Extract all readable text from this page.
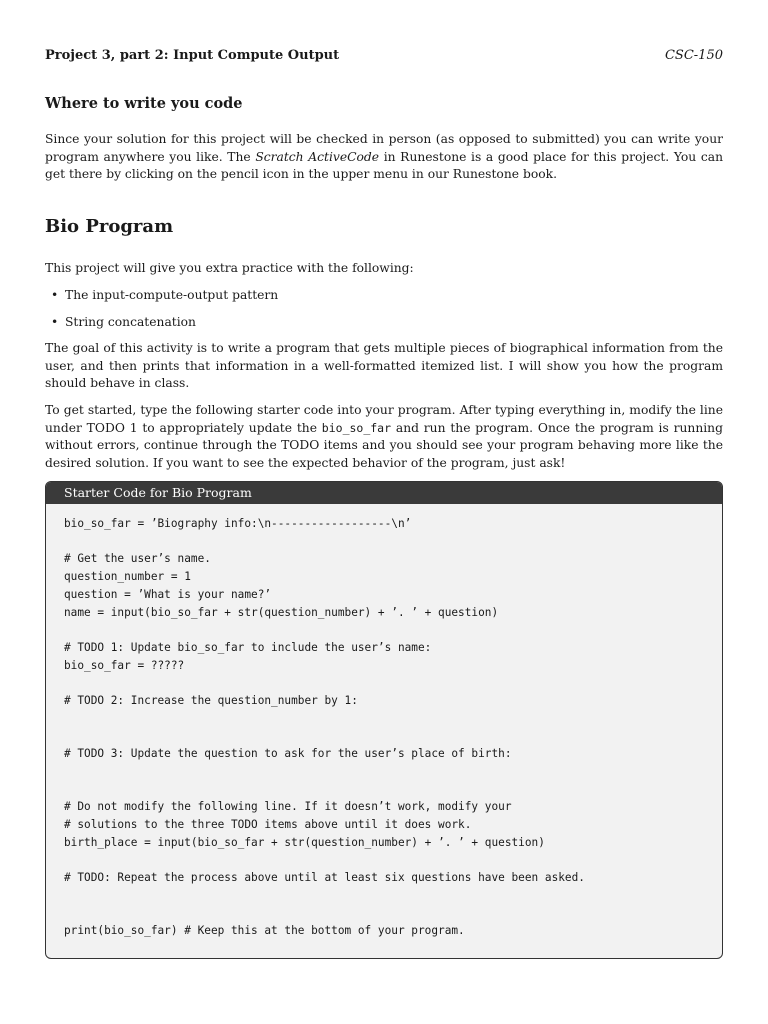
Project 3, part 2: Input Compute Output	CSC-150
Where to write you code
Since your solution for this project will be checked in person (as opposed to submitted) you can write your program anywhere you like. The Scratch ActiveCode in Runestone is a good place for this project. You can get there by clicking on the pencil icon in the upper menu in our Runestone book.
Bio Program
This project will give you extra practice with the following:
• The input-compute-output pattern
• String concatenation
The goal of this activity is to write a program that gets multiple pieces of biographical information from the user, and then prints that information in a well-formatted itemized list. I will show you how the program should behave in class.
To get started, type the following starter code into your program. After typing everything in, modify the line under TODO 1 to appropriately update the bio_so_far and run the program. Once the program is running without errors, continue through the TODO items and you should see your program behaving more like the desired solution. If you want to see the expected behavior of the program, just ask!
Starter Code for Bio Program
bio_so_far = ’Biography info:\n------------------\n’

# Get the user’s name.
question_number = 1
question = ’What is your name?’
name = input(bio_so_far + str(question_number) + ’. ’ + question)

# TODO 1: Update bio_so_far to include the user’s name:
bio_so_far = ?????

# TODO 2: Increase the question_number by 1:

# TODO 3: Update the question to ask for the user’s place of birth:

# Do not modify the following line. If it doesn’t work, modify your
# solutions to the three TODO items above until it does work.
birth_place = input(bio_so_far + str(question_number) + ’. ’ + question)

# TODO: Repeat the process above until at least six questions have been asked.

print(bio_so_far) # Keep this at the bottom of your program.
